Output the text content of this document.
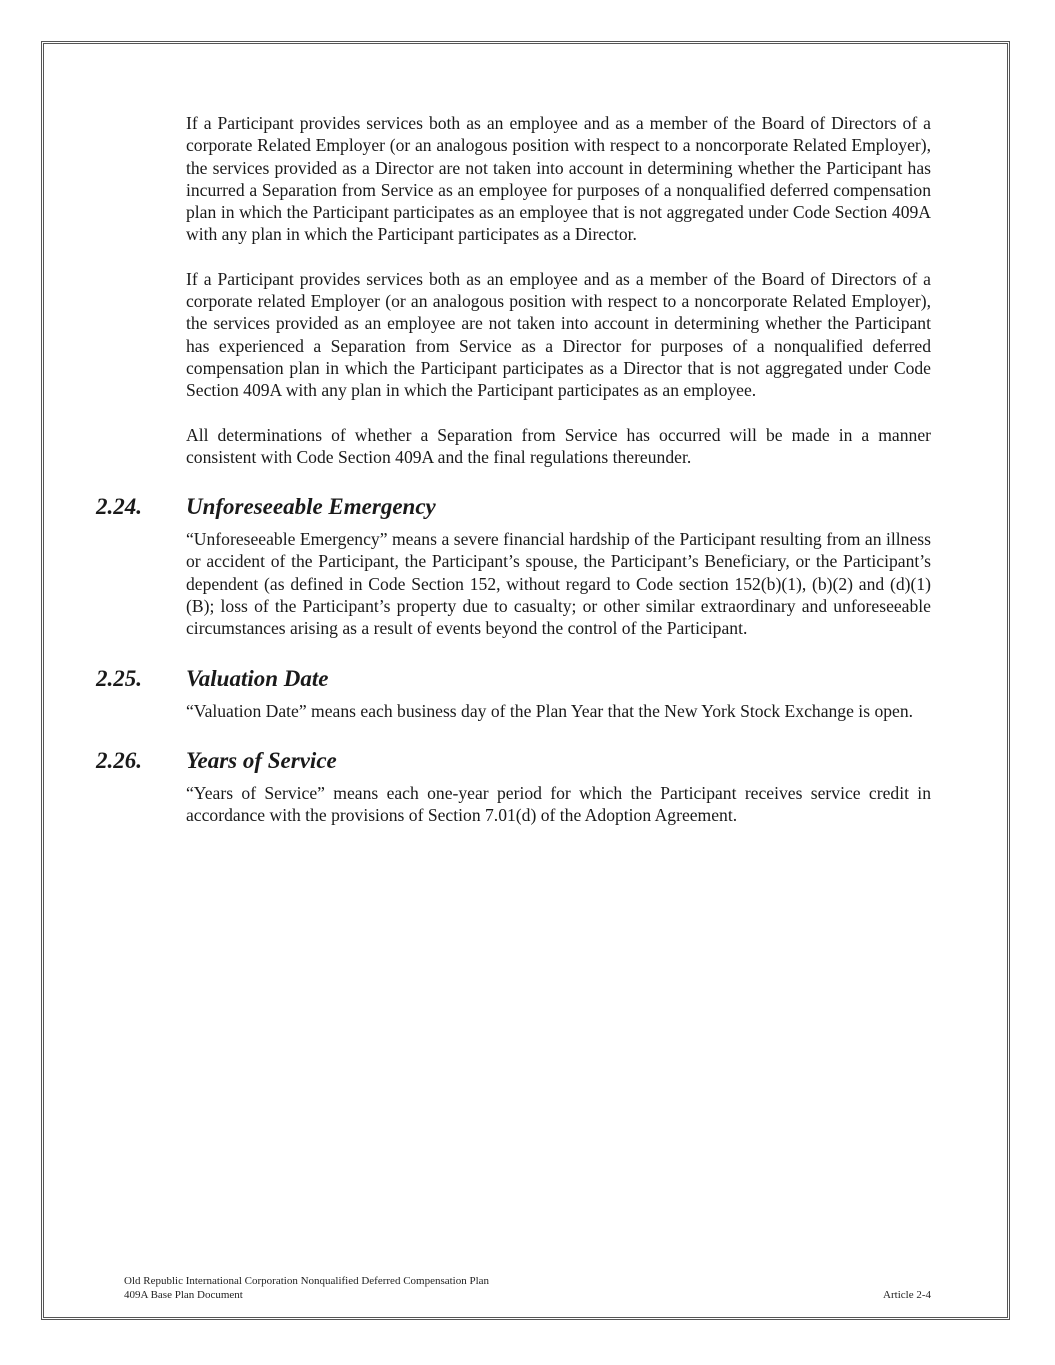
If a Participant provides services both as an employee and as a member of the Board of Directors of a corporate Related Employer (or an analogous position with respect to a noncorporate Related Employer), the services provided as a Director are not taken into account in determining whether the Participant has incurred a Separation from Service as an employee for purposes of a nonqualified deferred compensation plan in which the Participant participates as an employee that is not aggregated under Code Section 409A with any plan in which the Participant participates as a Director.

If a Participant provides services both as an employee and as a member of the Board of Directors of a corporate related Employer (or an analogous position with respect to a noncorporate Related Employer), the services provided as an employee are not taken into account in determining whether the Participant has experienced a Separation from Service as a Director for purposes of a nonqualified deferred compensation plan in which the Participant participates as a Director that is not aggregated under Code Section 409A with any plan in which the Participant participates as an employee.

All determinations of whether a Separation from Service has occurred will be made in a manner consistent with Code Section 409A and the final regulations thereunder.

2.24. Unforeseeable Emergency

“Unforeseeable Emergency” means a severe financial hardship of the Participant resulting from an illness or accident of the Participant, the Participant’s spouse, the Participant’s Beneficiary, or the Participant’s dependent (as defined in Code Section 152, without regard to Code section 152(b)(1), (b)(2) and (d)(1)(B); loss of the Participant’s property due to casualty; or other similar extraordinary and unforeseeable circumstances arising as a result of events beyond the control of the Participant.

2.25. Valuation Date

“Valuation Date” means each business day of the Plan Year that the New York Stock Exchange is open.

2.26. Years of Service

“Years of Service” means each one-year period for which the Participant receives service credit in accordance with the provisions of Section 7.01(d) of the Adoption Agreement.

Old Republic International Corporation Nonqualified Deferred Compensation Plan
409A Base Plan Document	Article 2-4
